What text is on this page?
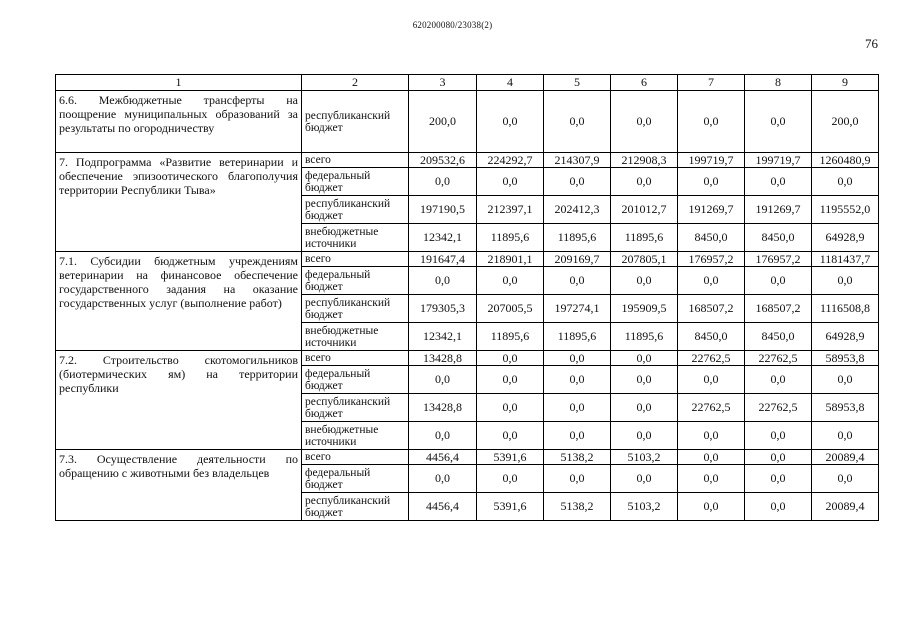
620200080/23038(2)
76
1	2	3	4	5	6	7	8	9
6.6. Межбюджетные трансферты на поощрение муниципальных образований за результаты по огородничеству	республиканский бюджет	200,0	0,0	0,0	0,0	0,0	0,0	200,0
7. Подпрограмма «Развитие ветеринарии и обеспечение эпизоотического благополучия территории Республики Тыва»	всего	209532,6	224292,7	214307,9	212908,3	199719,7	199719,7	1260480,9
	федеральный бюджет	0,0	0,0	0,0	0,0	0,0	0,0	0,0
	республиканский бюджет	197190,5	212397,1	202412,3	201012,7	191269,7	191269,7	1195552,0
	внебюджетные источники	12342,1	11895,6	11895,6	11895,6	8450,0	8450,0	64928,9
7.1. Субсидии бюджетным учреждениям ветеринарии на финансовое обеспечение государственного задания на оказание государственных услуг (выполнение работ)	всего	191647,4	218901,1	209169,7	207805,1	176957,2	176957,2	1181437,7
	федеральный бюджет	0,0	0,0	0,0	0,0	0,0	0,0	0,0
	республиканский бюджет	179305,3	207005,5	197274,1	195909,5	168507,2	168507,2	1116508,8
	внебюджетные источники	12342,1	11895,6	11895,6	11895,6	8450,0	8450,0	64928,9
7.2. Строительство скотомогильников (биотермических ям) на территории республики	всего	13428,8	0,0	0,0	0,0	22762,5	22762,5	58953,8
	федеральный бюджет	0,0	0,0	0,0	0,0	0,0	0,0	0,0
	республиканский бюджет	13428,8	0,0	0,0	0,0	22762,5	22762,5	58953,8
	внебюджетные источники	0,0	0,0	0,0	0,0	0,0	0,0	0,0
7.3. Осуществление деятельности по обращению с животными без владельцев	всего	4456,4	5391,6	5138,2	5103,2	0,0	0,0	20089,4
	федеральный бюджет	0,0	0,0	0,0	0,0	0,0	0,0	0,0
	республиканский бюджет	4456,4	5391,6	5138,2	5103,2	0,0	0,0	20089,4
